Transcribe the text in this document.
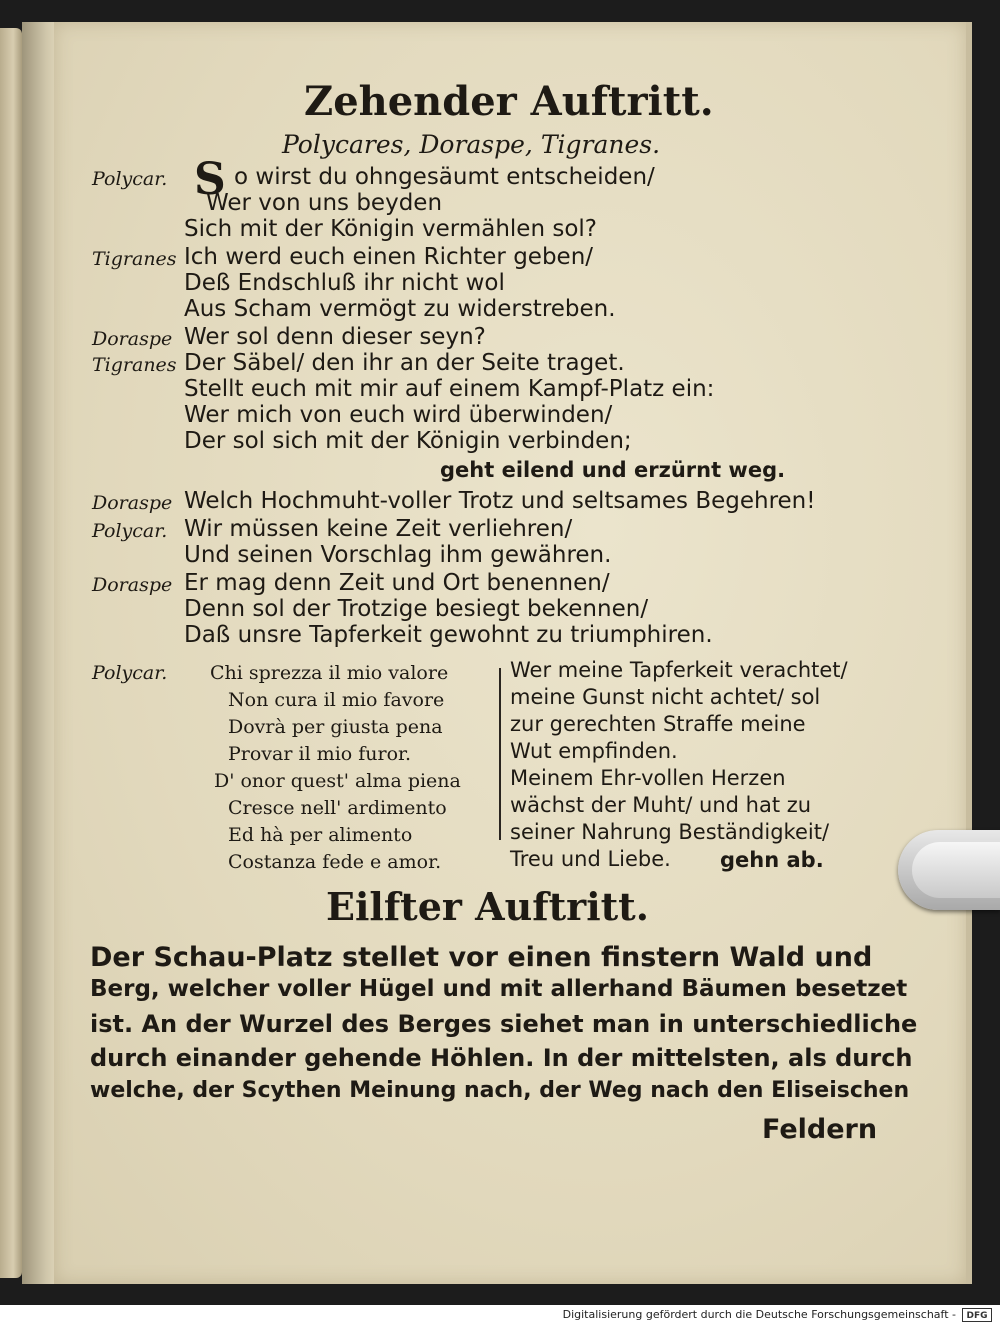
Zehender Auftritt.
Polycares, Doraspe, Tigranes.
Polycar.	o wirst du ohngesäumt entscheiden/
Wer von uns beyden
Sich mit der Königin vermählen sol?
Tigranes Ich werd euch einen Richter geben/
Deß Endschluß ihr nicht wol
Aus Scham vermögt zu widerstreben.
Doraspe Wer sol denn dieser seyn?
Tigranes Der Säbel/ den ihr an der Seite traget.
Stellt euch mit mir auf einem Kampf-Platz ein:
Wer mich von euch wird überwinden/
Der sol sich mit der Königin verbinden;
geht eilend und erzürnt weg.
Doraspe Welch Hochmuht-voller Trotz und seltsames Begehren!
Polycar. Wir müssen keine Zeit verliehren/
Und seinen Vorschlag ihm gewähren.
Doraspe Er mag denn Zeit und Ort benennen/
Denn sol der Trotzige besiegt bekennen/
Daß unsre Tapferkeit gewohnt zu triumphiren.
Polycar. Chi sprezza il mio valore
Non cura il mio favore
Dovrà per giusta pena
Provar il mio furor.
D' onor quest' alma piena
Cresce nell' ardimento
Ed hà per alimento
Costanza fede e amor.
Wer meine Tapferkeit verachtet/
meine Gunst nicht achtet/ sol
zur gerechten Straffe meine
Wut empfinden.
Meinem Ehr-vollen Herzen
wächst der Muht/ und hat zu
seiner Nahrung Beständigkeit/
Treu und Liebe. gehn ab.
Eilfter Auftritt.
Der Schau-Platz stellet vor einen finstern Wald und
Berg, welcher voller Hügel und mit allerhand Bäumen besetzet
ist. An der Wurzel des Berges siehet man in unterschiedliche
durch einander gehende Höhlen. In der mittelsten, als durch
welche, der Scythen Meinung nach, der Weg nach den Eliseischen
Feldern
S
Digitalisierung gefördert durch die Deutsche Forschungsgemeinschaft -	DFG
